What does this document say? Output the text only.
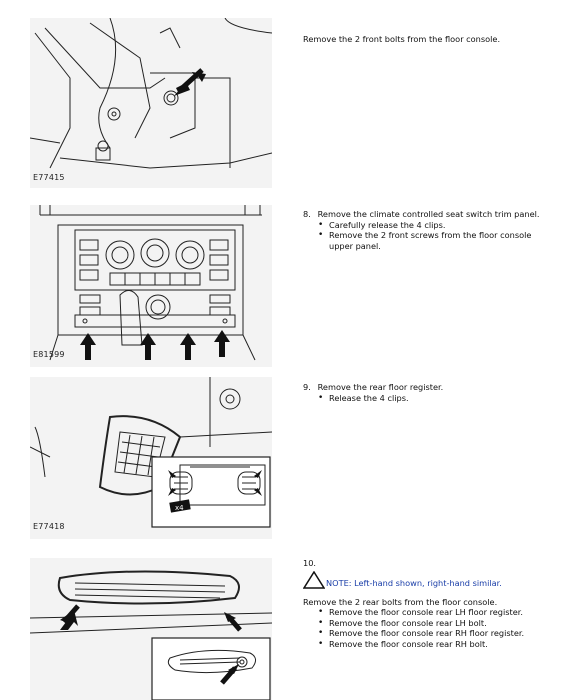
E77415
Remove the 2 front bolts from the floor console.
E81599
8. Remove the climate controlled seat switch trim panel.
• Carefully release the 4 clips.
• Remove the 2 front screws from the floor console upper panel.
x4
E77418
9. Remove the rear floor register.
• Release the 4 clips.
10.
NOTE: Left-hand shown, right-hand similar.
Remove the 2 rear bolts from the floor console.
• Remove the floor console rear LH floor register.
• Remove the floor console rear LH bolt.
• Remove the floor console rear RH floor register.
• Remove the floor console rear RH bolt.
